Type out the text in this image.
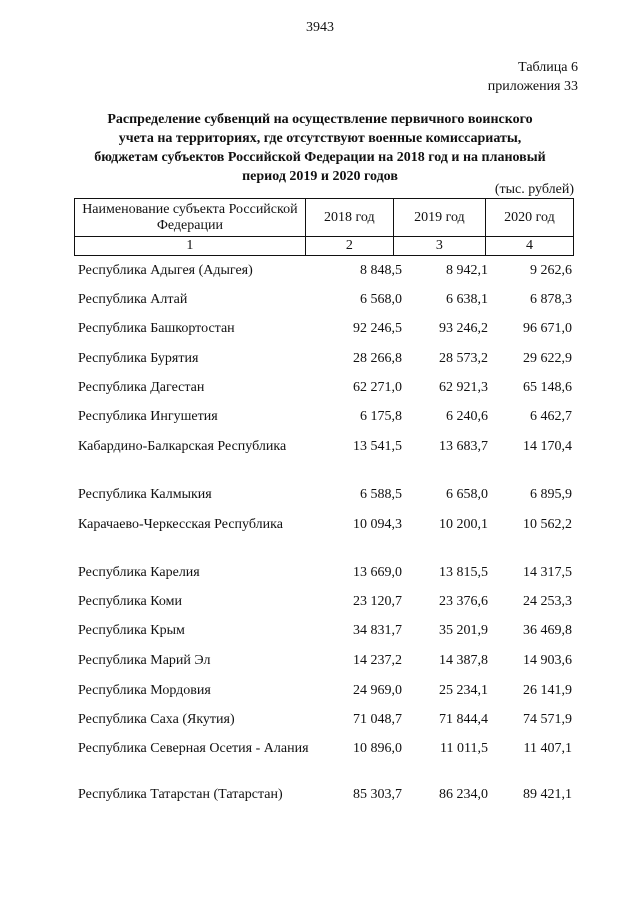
3943
Таблица 6
приложения 33
Распределение субвенций на осуществление первичного воинского
учета на территориях, где отсутствуют военные комиссариаты,
бюджетам субъектов Российской Федерации на 2018 год и на плановый
период 2019 и 2020 годов
(тыс. рублей)
Наименование субъекта Российской Федерации	2018 год	2019 год	2020 год
1	2	3	4
Республика Адыгея (Адыгея)	8 848,5	8 942,1	9 262,6
Республика Алтай	6 568,0	6 638,1	6 878,3
Республика Башкортостан	92 246,5	93 246,2	96 671,0
Республика Бурятия	28 266,8	28 573,2	29 622,9
Республика Дагестан	62 271,0	62 921,3	65 148,6
Республика Ингушетия	6 175,8	6 240,6	6 462,7
Кабардино-Балкарская Республика	13 541,5	13 683,7	14 170,4
Республика Калмыкия	6 588,5	6 658,0	6 895,9
Карачаево-Черкесская Республика	10 094,3	10 200,1	10 562,2
Республика Карелия	13 669,0	13 815,5	14 317,5
Республика Коми	23 120,7	23 376,6	24 253,3
Республика Крым	34 831,7	35 201,9	36 469,8
Республика Марий Эл	14 237,2	14 387,8	14 903,6
Республика Мордовия	24 969,0	25 234,1	26 141,9
Республика Саха (Якутия)	71 048,7	71 844,4	74 571,9
Республика Северная Осетия - Алания	10 896,0	11 011,5	11 407,1
Республика Татарстан (Татарстан)	85 303,7	86 234,0	89 421,1
